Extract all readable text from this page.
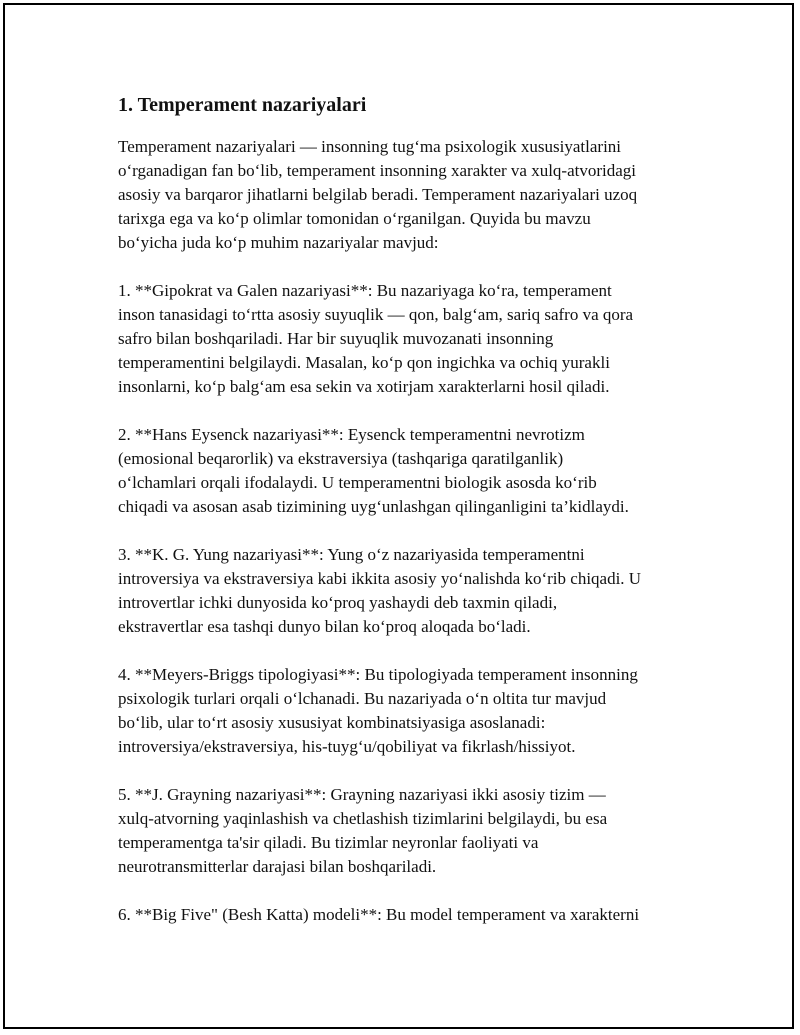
1. Temperament nazariyalari
Temperament nazariyalari — insonning tug‘ma psixologik xususiyatlarini
o‘rganadigan fan bo‘lib, temperament insonning xarakter va xulq-atvoridagi
asosiy va barqaror jihatlarni belgilab beradi. Temperament nazariyalari uzoq
tarixga ega va ko‘p olimlar tomonidan o‘rganilgan. Quyida bu mavzu
bo‘yicha juda ko‘p muhim nazariyalar mavjud:
1. **Gipokrat va Galen nazariyasi**: Bu nazariyaga ko‘ra, temperament
inson tanasidagi to‘rtta asosiy suyuqlik — qon, balg‘am, sariq safro va qora
safro bilan boshqariladi. Har bir suyuqlik muvozanati insonning
temperamentini belgilaydi. Masalan, ko‘p qon ingichka va ochiq yurakli
insonlarni, ko‘p balg‘am esa sekin va xotirjam xarakterlarni hosil qiladi.
2. **Hans Eysenck nazariyasi**: Eysenck temperamentni nevrotizm
(emosional beqarorlik) va ekstraversiya (tashqariga qaratilganlik)
o‘lchamlari orqali ifodalaydi. U temperamentni biologik asosda ko‘rib
chiqadi va asosan asab tizimining uyg‘unlashgan qilinganligini ta’kidlaydi.
3. **K. G. Yung nazariyasi**: Yung o‘z nazariyasida temperamentni
introversiya va ekstraversiya kabi ikkita asosiy yo‘nalishda ko‘rib chiqadi. U
introvertlar ichki dunyosida ko‘proq yashaydi deb taxmin qiladi,
ekstravertlar esa tashqi dunyo bilan ko‘proq aloqada bo‘ladi.
4. **Meyers-Briggs tipologiyasi**: Bu tipologiyada temperament insonning
psixologik turlari orqali o‘lchanadi. Bu nazariyada o‘n oltita tur mavjud
bo‘lib, ular to‘rt asosiy xususiyat kombinatsiyasiga asoslanadi:
introversiya/ekstraversiya, his-tuyg‘u/qobiliyat va fikrlash/hissiyot.
5. **J. Grayning nazariyasi**: Grayning nazariyasi ikki asosiy tizim —
xulq-atvorning yaqinlashish va chetlashish tizimlarini belgilaydi, bu esa
temperamentga ta'sir qiladi. Bu tizimlar neyronlar faoliyati va
neurotransmitterlar darajasi bilan boshqariladi.
6. **Big Five" (Besh Katta) modeli**: Bu model temperament va xarakterni
